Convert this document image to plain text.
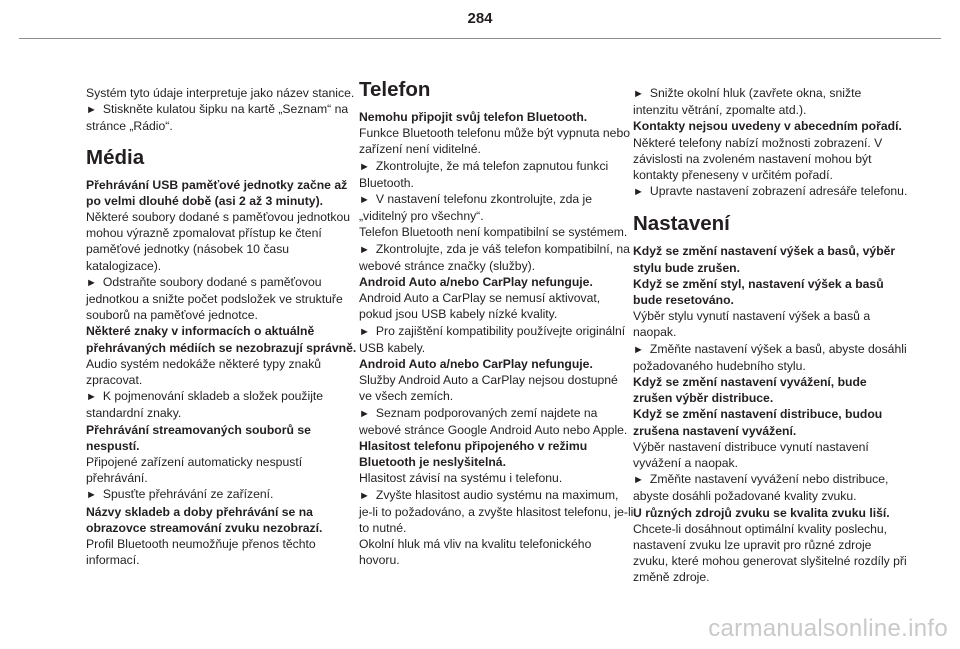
284

Systém tyto údaje interpretuje jako název stanice.

► Stiskněte kulatou šipku na kartě „Seznam“ na stránce „Rádio“.

Média

Přehrávání USB paměťové jednotky začne až po velmi dlouhé době (asi 2 až 3 minuty).

Některé soubory dodané s paměťovou jednotkou mohou výrazně zpomalovat přístup ke čtení paměťové jednotky (násobek 10 času katalogizace).

► Odstraňte soubory dodané s paměťovou jednotkou a snižte počet podsložek ve struktuře souborů na paměťové jednotce.

Některé znaky v informacích o aktuálně přehrávaných médiích se nezobrazují správně.

Audio systém nedokáže některé typy znaků zpracovat.

► K pojmenování skladeb a složek použijte standardní znaky.

Přehrávání streamovaných souborů se nespustí.

Připojené zařízení automaticky nespustí přehrávání.

► Spusťte přehrávání ze zařízení.

Názvy skladeb a doby přehrávání se na obrazovce streamování zvuku nezobrazí.

Profil Bluetooth neumožňuje přenos těchto informací.

Telefon

Nemohu připojit svůj telefon Bluetooth.

Funkce Bluetooth telefonu může být vypnuta nebo zařízení není viditelné.

► Zkontrolujte, že má telefon zapnutou funkci Bluetooth.

► V nastavení telefonu zkontrolujte, zda je „viditelný pro všechny“.

Telefon Bluetooth není kompatibilní se systémem.

► Zkontrolujte, zda je váš telefon kompatibilní, na webové stránce značky (služby).

Android Auto a/nebo CarPlay nefunguje.

Android Auto a CarPlay se nemusí aktivovat, pokud jsou USB kabely nízké kvality.

► Pro zajištění kompatibility používejte originální USB kabely.

Android Auto a/nebo CarPlay nefunguje.

Služby Android Auto a CarPlay nejsou dostupné ve všech zemích.

► Seznam podporovaných zemí najdete na webové stránce Google Android Auto nebo Apple.

Hlasitost telefonu připojeného v režimu Bluetooth je neslyšitelná.

Hlasitost závisí na systému i telefonu.

► Zvyšte hlasitost audio systému na maximum, je-li to požadováno, a zvyšte hlasitost telefonu, je-li to nutné.

Okolní hluk má vliv na kvalitu telefonického hovoru.

► Snižte okolní hluk (zavřete okna, snižte intenzitu větrání, zpomalte atd.).

Kontakty nejsou uvedeny v abecedním pořadí.

Některé telefony nabízí možnosti zobrazení. V závislosti na zvoleném nastavení mohou být kontakty přeneseny v určitém pořadí.

► Upravte nastavení zobrazení adresáře telefonu.

Nastavení

Když se změní nastavení výšek a basů, výběr stylu bude zrušen.

Když se změní styl, nastavení výšek a basů bude resetováno.

Výběr stylu vynutí nastavení výšek a basů a naopak.

► Změňte nastavení výšek a basů, abyste dosáhli požadovaného hudebního stylu.

Když se změní nastavení vyvážení, bude zrušen výběr distribuce.

Když se změní nastavení distribuce, budou zrušena nastavení vyvážení.

Výběr nastavení distribuce vynutí nastavení vyvážení a naopak.

► Změňte nastavení vyvážení nebo distribuce, abyste dosáhli požadované kvality zvuku.

U různých zdrojů zvuku se kvalita zvuku liší.

Chcete-li dosáhnout optimální kvality poslechu, nastavení zvuku lze upravit pro různé zdroje zvuku, které mohou generovat slyšitelné rozdíly při změně zdroje.

carmanualsonline.info
